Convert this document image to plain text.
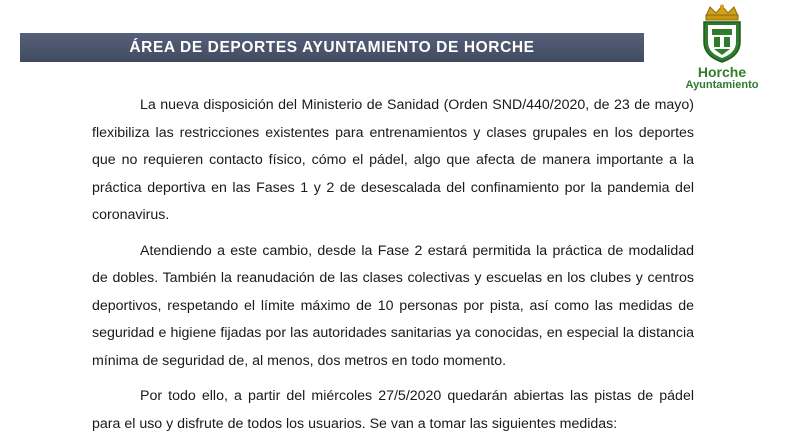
ÁREA DE DEPORTES AYUNTAMIENTO DE HORCHE
Horche
Ayuntamiento

La nueva disposición del Ministerio de Sanidad (Orden SND/440/2020, de 23 de mayo) flexibiliza las restricciones existentes para entrenamientos y clases grupales en los deportes que no requieren contacto físico, cómo el pádel, algo que afecta de manera importante a la práctica deportiva en las Fases 1 y 2 de desescalada del confinamiento por la pandemia del coronavirus.

Atendiendo a este cambio, desde la Fase 2 estará permitida la práctica de modalidad de dobles. También la reanudación de las clases colectivas y escuelas en los clubes y centros deportivos, respetando el límite máximo de 10 personas por pista, así como las medidas de seguridad e higiene fijadas por las autoridades sanitarias ya conocidas, en especial la distancia mínima de seguridad de, al menos, dos metros en todo momento.

Por todo ello, a partir del miércoles 27/5/2020 quedarán abiertas las pistas de pádel para el uso y disfrute de todos los usuarios. Se van a tomar las siguientes medidas:
